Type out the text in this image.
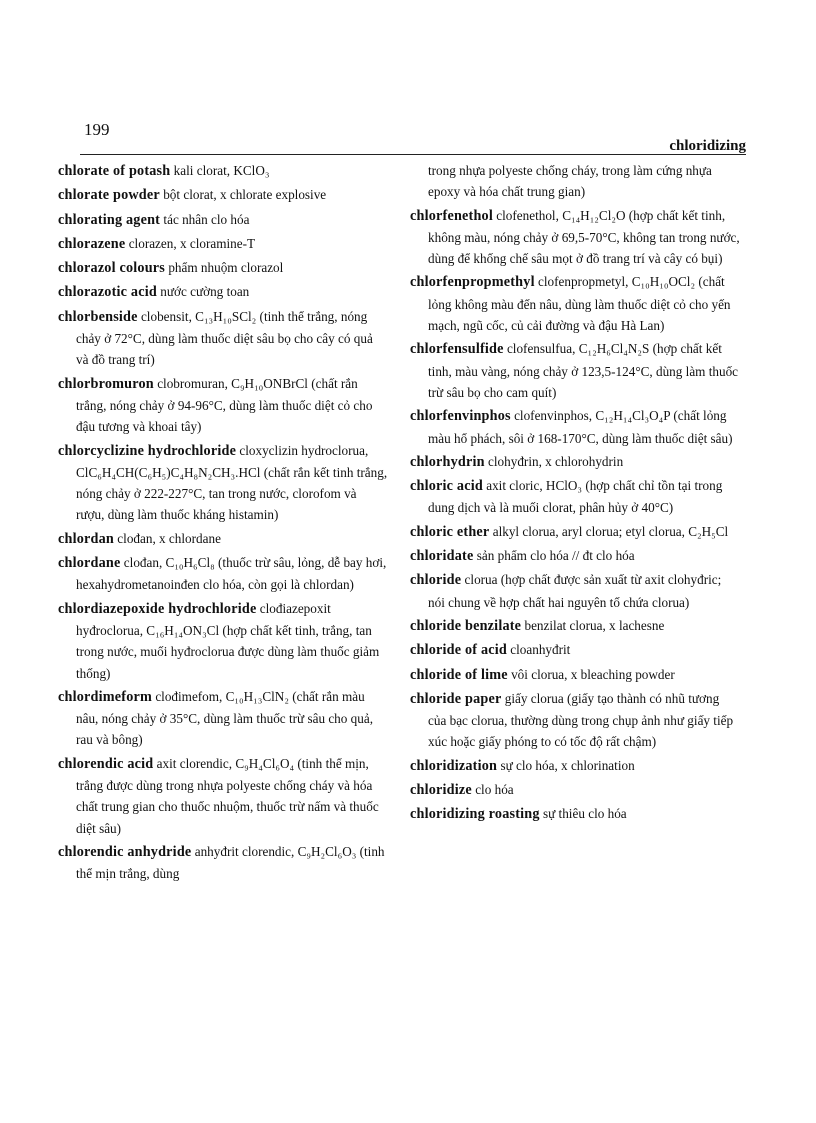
199
chloridizing
chlorate of potash kali clorat, KClO₃
chlorate powder bột clorat, x chlorate explosive
chlorating agent tác nhân clo hóa
chlorazene clorazen, x cloramine-T
chlorazol colours phẩm nhuộm clorazol
chlorazotic acid nước cường toan
chlorbenside clobensit, C₁₃H₁₀SCl₂ (tinh thể trắng, nóng chảy ở 72°C, dùng làm thuốc diệt sâu bọ cho cây có quả và đồ trang trí)
chlorbromuron clobromuran, C₉H₁₀ONBrCl (chất rắn trắng, nóng chảy ở 94-96°C, dùng làm thuốc diệt cỏ cho đậu tương và khoai tây)
chlorcyclizine hydrochloride cloxyclizin hydroclorua, ClC₆H₄CH(C₆H₅)C₄H₈N₂CH₃.HCl (chất rắn kết tinh trắng, nóng chảy ở 222-227°C, tan trong nước, clorofom và rượu, dùng làm thuốc kháng histamin)
chlordan clođan, x chlordane
chlordane clođan, C₁₀H₆Cl₈ (thuốc trừ sâu, lỏng, dễ bay hơi, hexahydrometanoinđen clo hóa, còn gọi là chlordan)
chlordiazepoxide hydrochloride clođiazepoxit hyđroclorua, C₁₆H₁₄ON₃Cl (hợp chất kết tinh, trắng, tan trong nước, muối hyđroclorua được dùng làm thuốc giảm thống)
chlordimeform clođimefom, C₁₀H₁₃ClN₂ (chất rắn màu nâu, nóng chảy ở 35°C, dùng làm thuốc trừ sâu cho quả, rau và bông)
chlorendic acid axit clorendic, C₉H₄Cl₆O₄ (tinh thể mịn, trắng được dùng trong nhựa polyeste chống cháy và hóa chất trung gian cho thuốc nhuộm, thuốc trừ nấm và thuốc diệt sâu)
chlorendic anhydride anhyđrit clorendic, C₉H₂Cl₆O₃ (tinh thể mịn trắng, dùng
trong nhựa polyeste chống cháy, trong làm cứng nhựa epoxy và hóa chất trung gian)
chlorfenethol clofenethol, C₁₄H₁₂Cl₂O (hợp chất kết tinh, không màu, nóng chảy ở 69,5-70°C, không tan trong nước, dùng để khống chế sâu mọt ở đồ trang trí và cây có bụi)
chlorfenpropmethyl clofenpropmetyl, C₁₀H₁₀OCl₂ (chất lỏng không màu đến nâu, dùng làm thuốc diệt cỏ cho yến mạch, ngũ cốc, củ cải đường và đậu Hà Lan)
chlorfensulfide clofensulfua, C₁₂H₆Cl₄N₂S (hợp chất kết tinh, màu vàng, nóng chảy ở 123,5-124°C, dùng làm thuốc trừ sâu bọ cho cam quít)
chlorfenvinphos clofenvinphos, C₁₂H₁₄Cl₃O₄P (chất lỏng màu hổ phách, sôi ở 168-170°C, dùng làm thuốc diệt sâu)
chlorhydrin clohyđrin, x chlorohydrin
chloric acid axit cloric, HClO₃ (hợp chất chỉ tồn tại trong dung dịch và là muối clorat, phân hủy ở 40°C)
chloric ether alkyl clorua, aryl clorua; etyl clorua, C₂H₅Cl
chloridate sản phẩm clo hóa // đt clo hóa
chloride clorua (hợp chất được sản xuất từ axit clohyđric; nói chung về hợp chất hai nguyên tố chứa clorua)
chloride benzilate benzilat clorua, x lachesne
chloride of acid cloanhyđrit
chloride of lime vôi clorua, x bleaching powder
chloride paper giấy clorua (giấy tạo thành có nhũ tương của bạc clorua, thường dùng trong chụp ảnh như giấy tiếp xúc hoặc giấy phóng to có tốc độ rất chậm)
chloridization sự clo hóa, x chlorination
chloridize clo hóa
chloridizing roasting sự thiêu clo hóa
